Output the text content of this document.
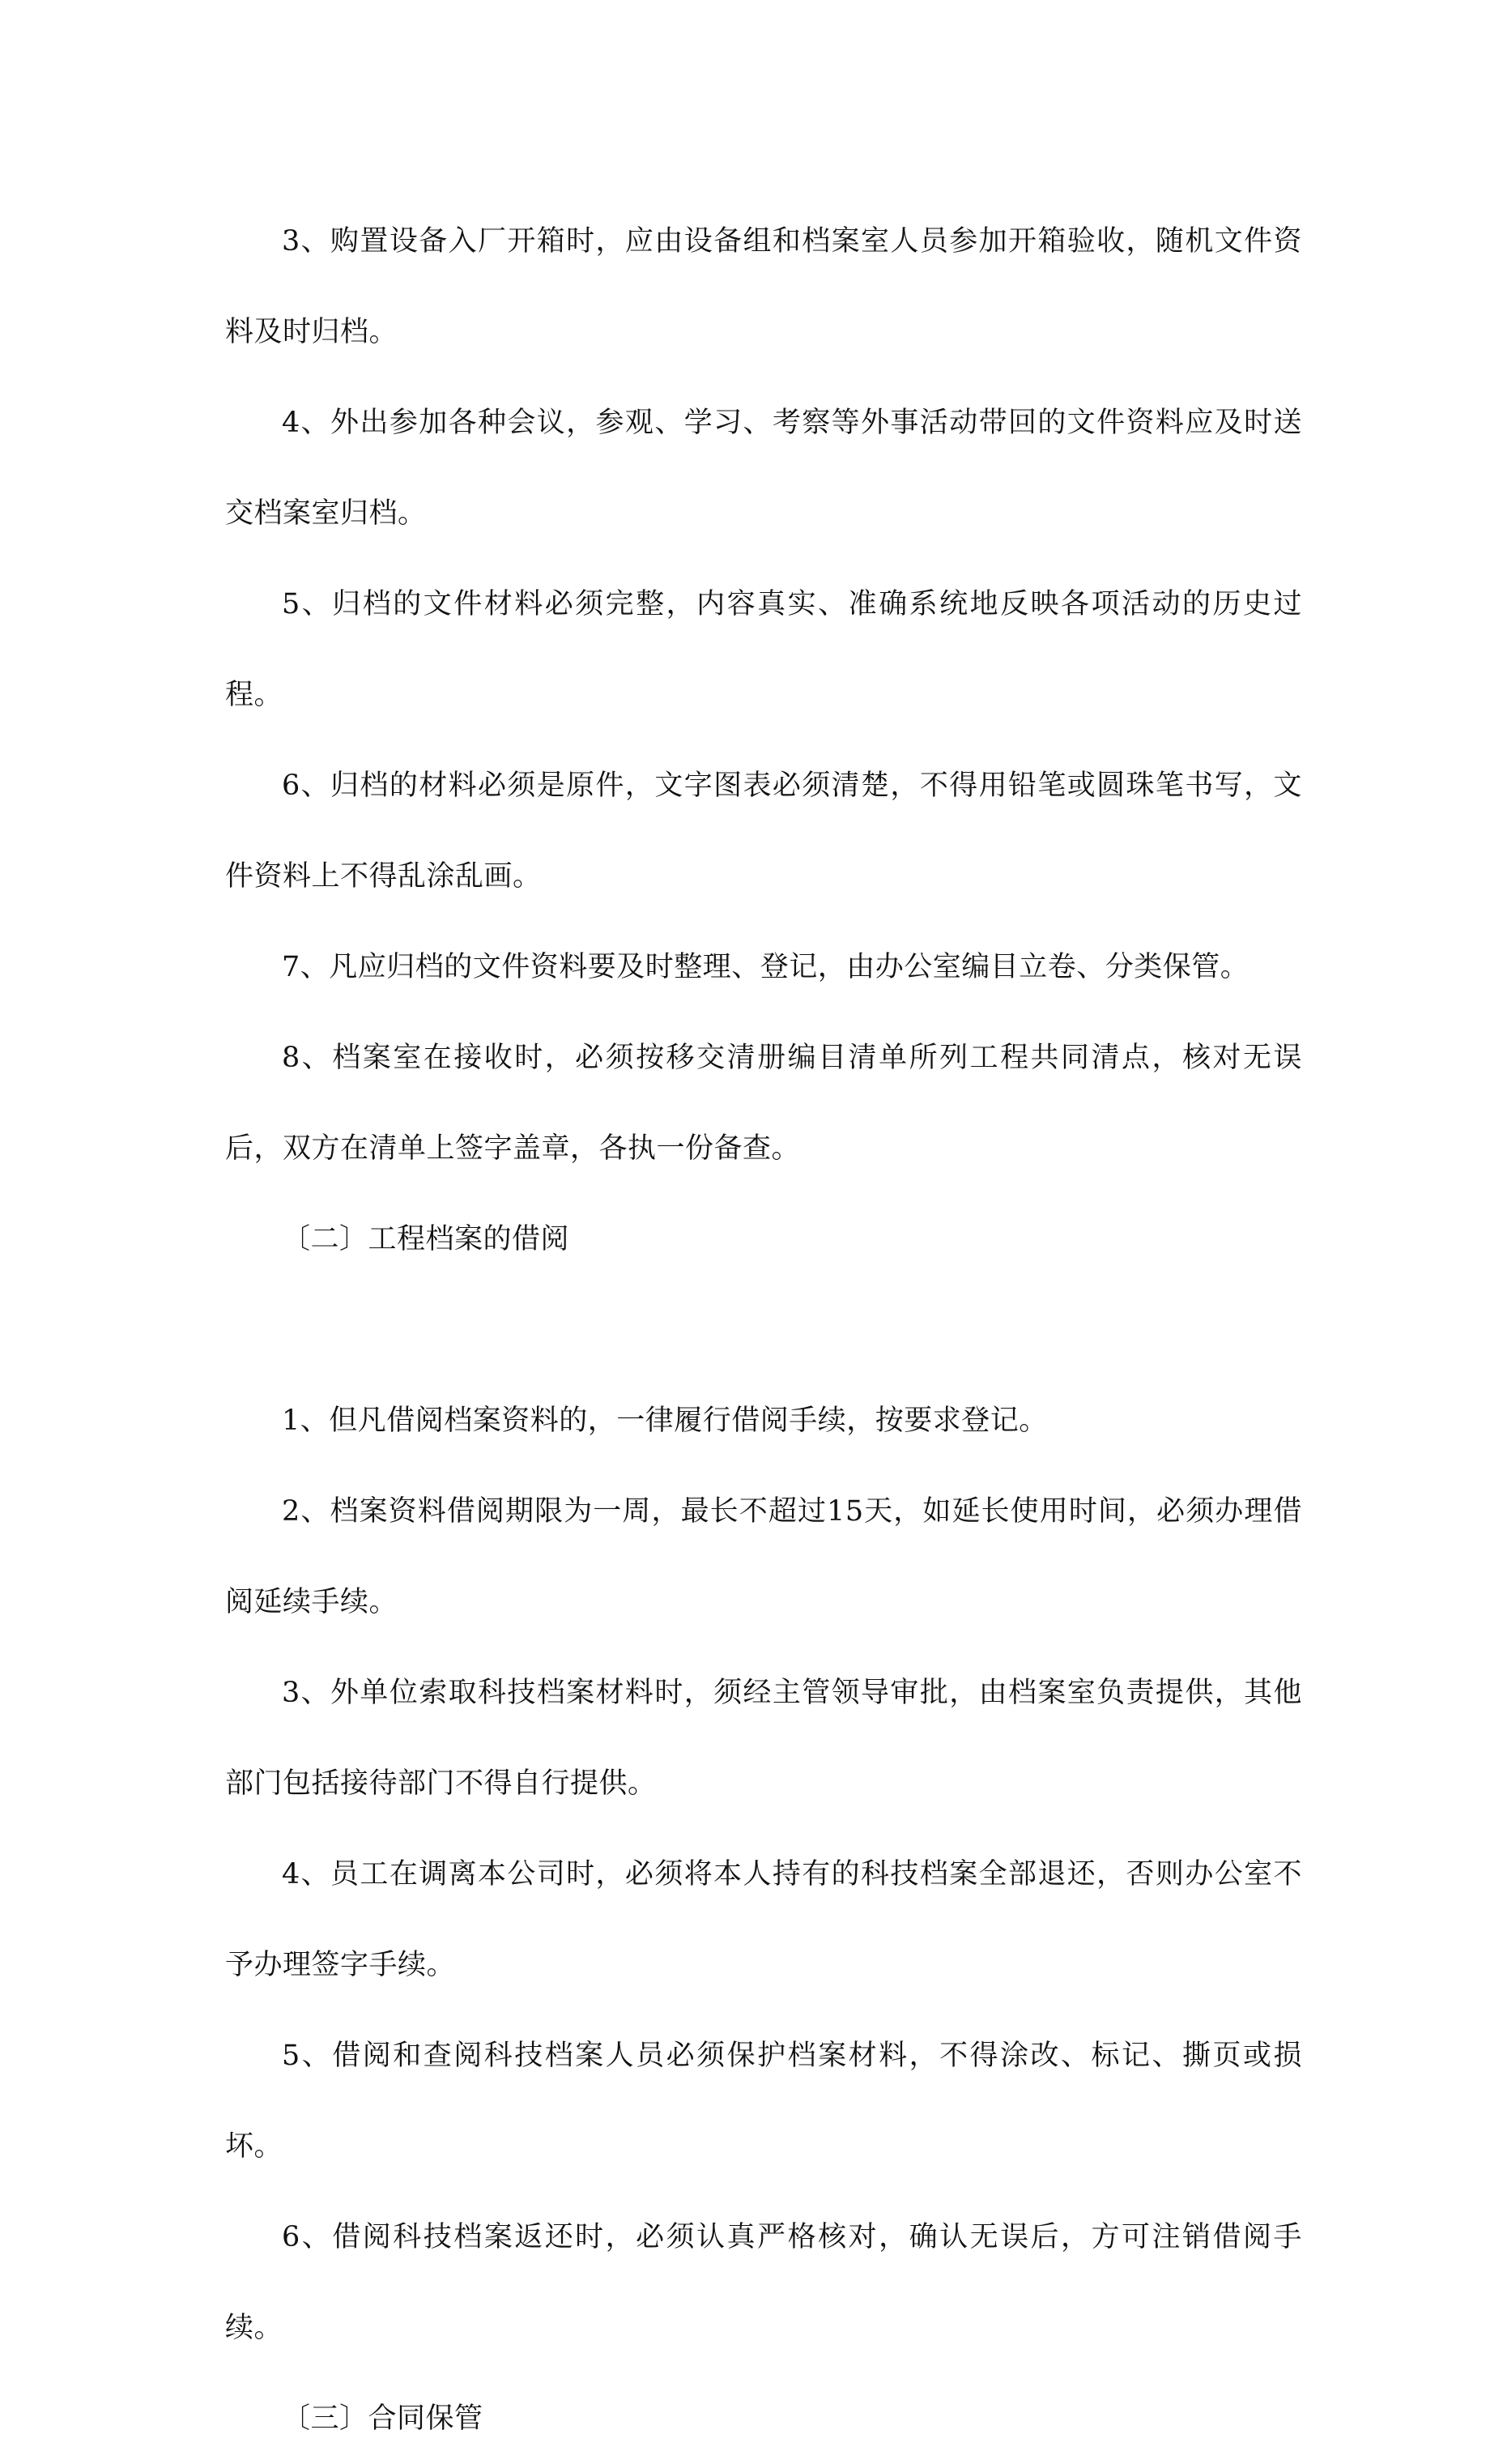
3、购置设备入厂开箱时，应由设备组和档案室人员参加开箱验收，随机文件资料及时归档。

4、外出参加各种会议，参观、学习、考察等外事活动带回的文件资料应及时送交档案室归档。

5、归档的文件材料必须完整，内容真实、准确系统地反映各项活动的历史过程。

6、归档的材料必须是原件，文字图表必须清楚，不得用铅笔或圆珠笔书写，文件资料上不得乱涂乱画。

7、凡应归档的文件资料要及时整理、登记，由办公室编目立卷、分类保管。

8、档案室在接收时，必须按移交清册编目清单所列工程共同清点，核对无误后，双方在清单上签字盖章，各执一份备查。

〔二〕工程档案的借阅

1、但凡借阅档案资料的，一律履行借阅手续，按要求登记。

2、档案资料借阅期限为一周，最长不超过15天，如延长使用时间，必须办理借阅延续手续。

3、外单位索取科技档案材料时，须经主管领导审批，由档案室负责提供，其他部门包括接待部门不得自行提供。

4、员工在调离本公司时，必须将本人持有的科技档案全部退还，否则办公室不予办理签字手续。

5、借阅和查阅科技档案人员必须保护档案材料，不得涂改、标记、撕页或损坏。

6、借阅科技档案返还时，必须认真严格核对，确认无误后，方可注销借阅手续。

〔三〕合同保管
